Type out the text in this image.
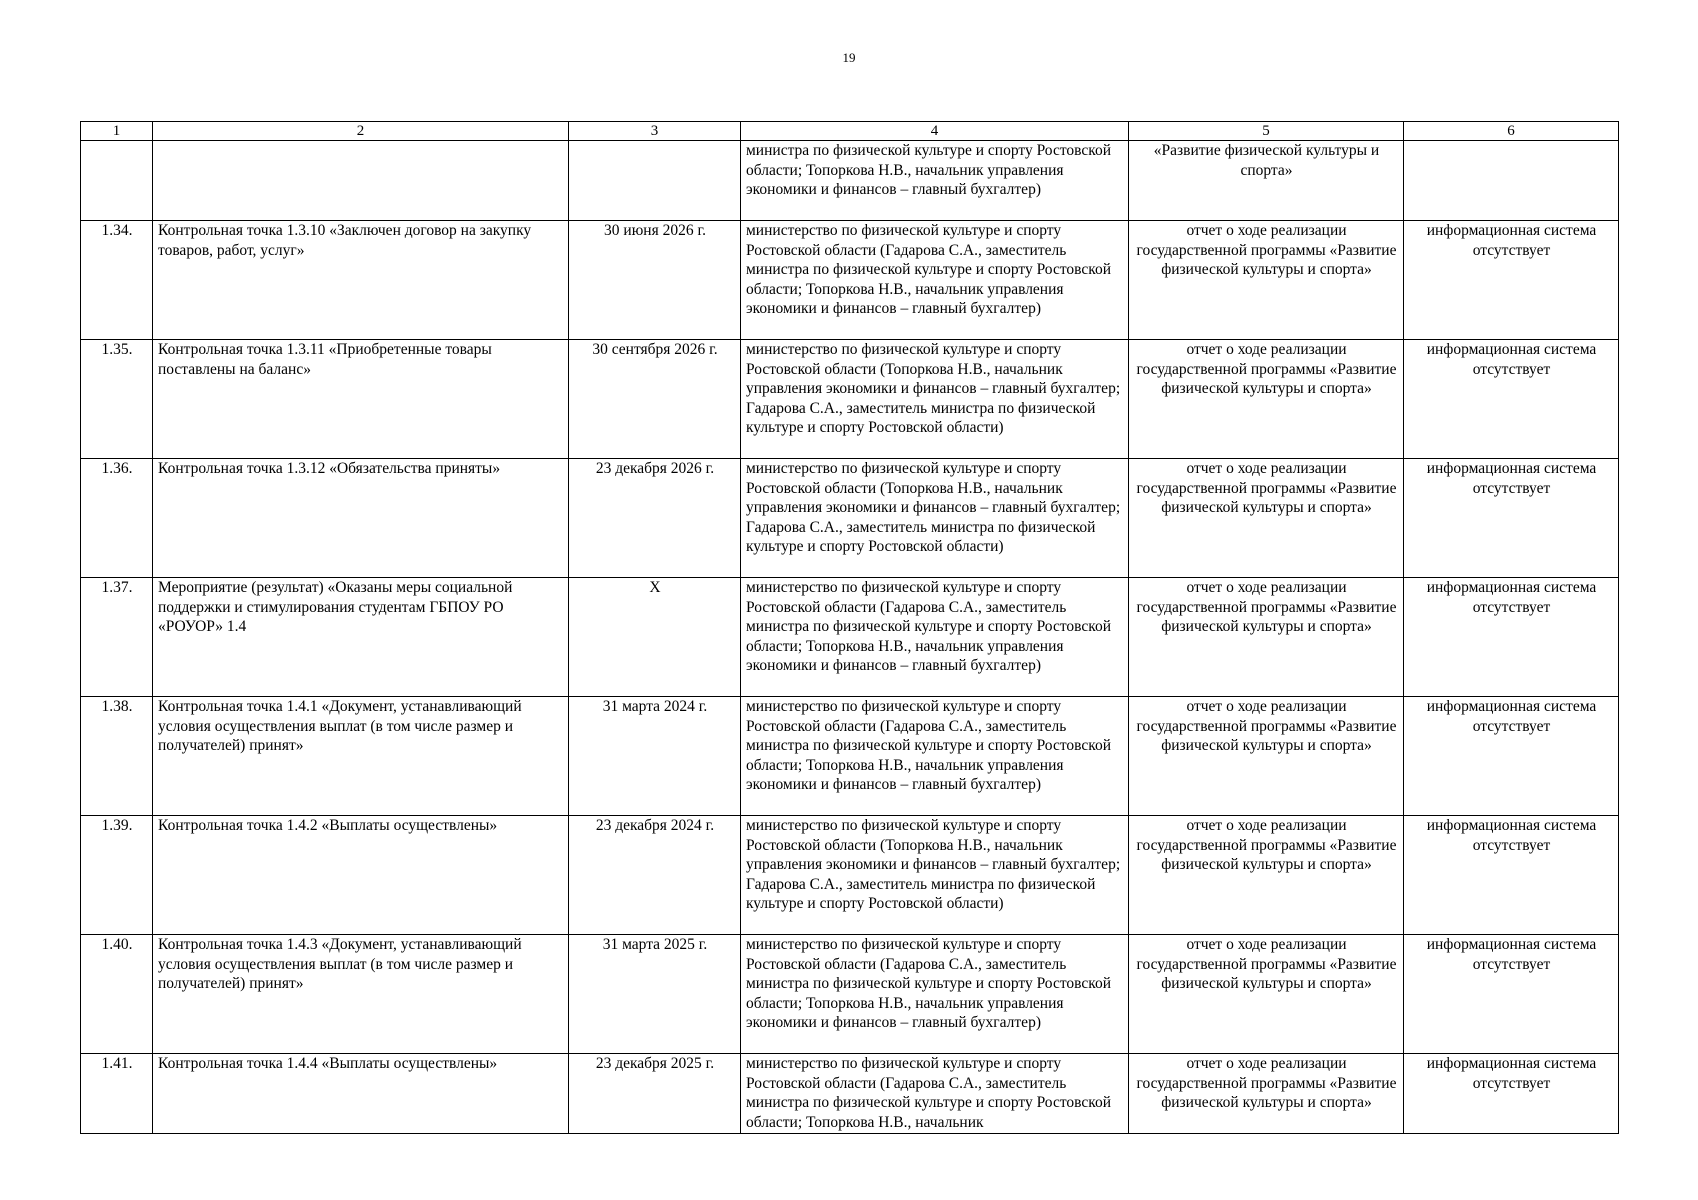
19
1	2	3	4	5	6
			министра по физической культуре и спорту Ростовской области; Топоркова Н.В., начальник управления экономики и финансов – главный бухгалтер)	«Развитие физической культуры и спорта»	
1.34.	Контрольная точка 1.3.10 «Заключен договор на закупку товаров, работ, услуг»	30 июня 2026 г.	министерство по физической культуре и спорту Ростовской области (Гадарова С.А., заместитель министра по физической культуре и спорту Ростовской области; Топоркова Н.В., начальник управления экономики и финансов – главный бухгалтер)	отчет о ходе реализации государственной программы «Развитие физической культуры и спорта»	информационная система отсутствует
1.35.	Контрольная точка 1.3.11 «Приобретенные товары поставлены на баланс»	30 сентября 2026 г.	министерство по физической культуре и спорту Ростовской области (Топоркова Н.В., начальник управления экономики и финансов – главный бухгалтер; Гадарова С.А., заместитель министра по физической культуре и спорту Ростовской области)	отчет о ходе реализации государственной программы «Развитие физической культуры и спорта»	информационная система отсутствует
1.36.	Контрольная точка 1.3.12 «Обязательства приняты»	23 декабря 2026 г.	министерство по физической культуре и спорту Ростовской области (Топоркова Н.В., начальник управления экономики и финансов – главный бухгалтер; Гадарова С.А., заместитель министра по физической культуре и спорту Ростовской области)	отчет о ходе реализации государственной программы «Развитие физической культуры и спорта»	информационная система отсутствует
1.37.	Мероприятие (результат) «Оказаны меры социальной поддержки и стимулирования студентам ГБПОУ РО «РОУОР» 1.4	Х	министерство по физической культуре и спорту Ростовской области (Гадарова С.А., заместитель министра по физической культуре и спорту Ростовской области; Топоркова Н.В., начальник управления экономики и финансов – главный бухгалтер)	отчет о ходе реализации государственной программы «Развитие физической культуры и спорта»	информационная система отсутствует
1.38.	Контрольная точка 1.4.1 «Документ, устанавливающий условия осуществления выплат (в том числе размер и получателей) принят»	31 марта 2024 г.	министерство по физической культуре и спорту Ростовской области (Гадарова С.А., заместитель министра по физической культуре и спорту Ростовской области; Топоркова Н.В., начальник управления экономики и финансов – главный бухгалтер)	отчет о ходе реализации государственной программы «Развитие физической культуры и спорта»	информационная система отсутствует
1.39.	Контрольная точка 1.4.2 «Выплаты осуществлены»	23 декабря 2024 г.	министерство по физической культуре и спорту Ростовской области (Топоркова Н.В., начальник управления экономики и финансов – главный бухгалтер; Гадарова С.А., заместитель министра по физической культуре и спорту Ростовской области)	отчет о ходе реализации государственной программы «Развитие физической культуры и спорта»	информационная система отсутствует
1.40.	Контрольная точка 1.4.3 «Документ, устанавливающий условия осуществления выплат (в том числе размер и получателей) принят»	31 марта 2025 г.	министерство по физической культуре и спорту Ростовской области (Гадарова С.А., заместитель министра по физической культуре и спорту Ростовской области; Топоркова Н.В., начальник управления экономики и финансов – главный бухгалтер)	отчет о ходе реализации государственной программы «Развитие физической культуры и спорта»	информационная система отсутствует
1.41.	Контрольная точка 1.4.4 «Выплаты осуществлены»	23 декабря 2025 г.	министерство по физической культуре и спорту Ростовской области (Гадарова С.А., заместитель министра по физической культуре и спорту Ростовской области; Топоркова Н.В., начальник	отчет о ходе реализации государственной программы «Развитие физической культуры и спорта»	информационная система отсутствует
